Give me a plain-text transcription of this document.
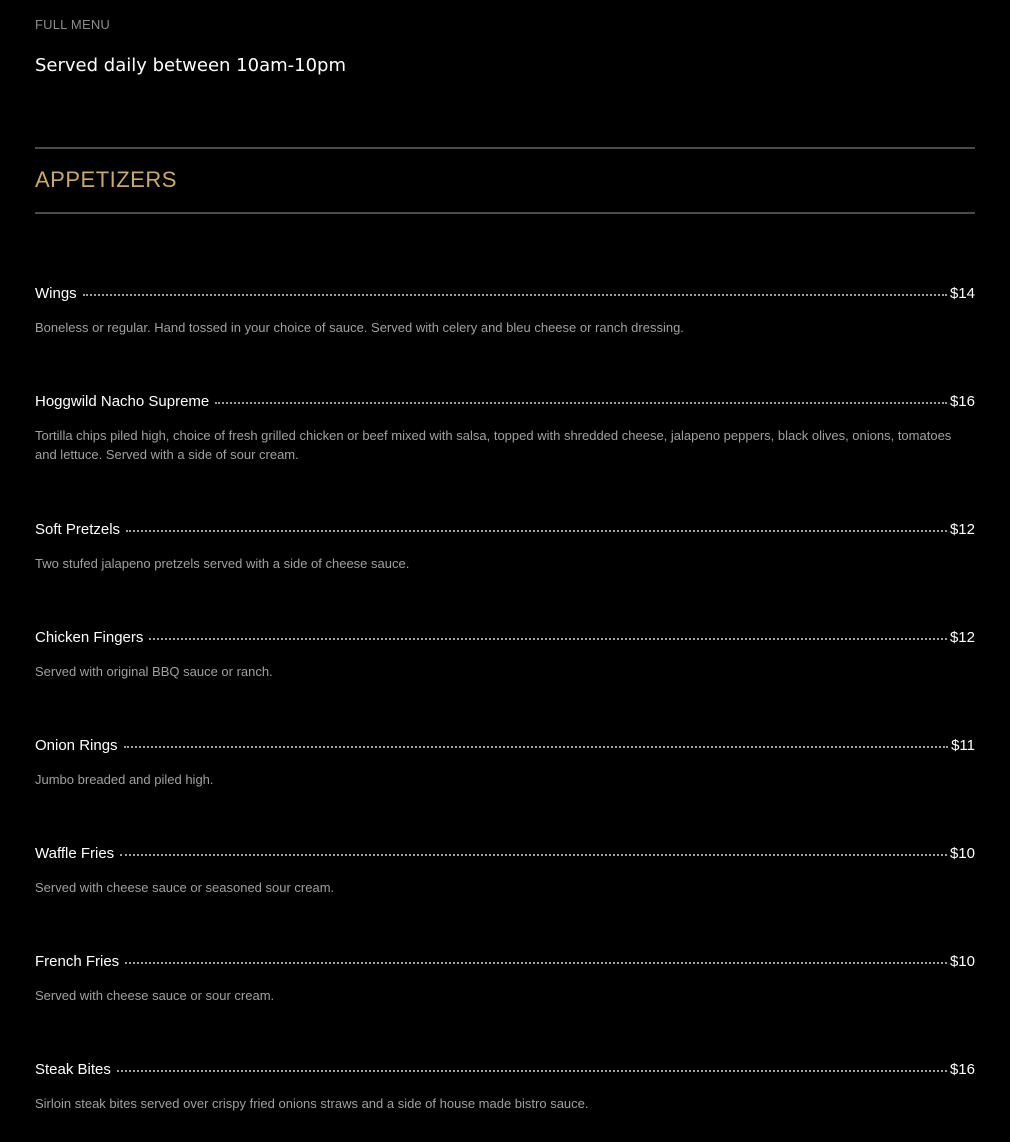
FULL MENU
Served daily between 10am-10pm
APPETIZERS
Wings	$14
Boneless or regular. Hand tossed in your choice of sauce. Served with celery and bleu cheese or ranch dressing.
Hoggwild Nacho Supreme	$16
Tortilla chips piled high, choice of fresh grilled chicken or beef mixed with salsa, topped with shredded cheese, jalapeno peppers, black olives, onions, tomatoes and lettuce. Served with a side of sour cream.
Soft Pretzels	$12
Two stufed jalapeno pretzels served with a side of cheese sauce.
Chicken Fingers	$12
Served with original BBQ sauce or ranch.
Onion Rings	$11
Jumbo breaded and piled high.
Waffle Fries	$10
Served with cheese sauce or seasoned sour cream.
French Fries	$10
Served with cheese sauce or sour cream.
Steak Bites	$16
Sirloin steak bites served over crispy fried onions straws and a side of house made bistro sauce.
